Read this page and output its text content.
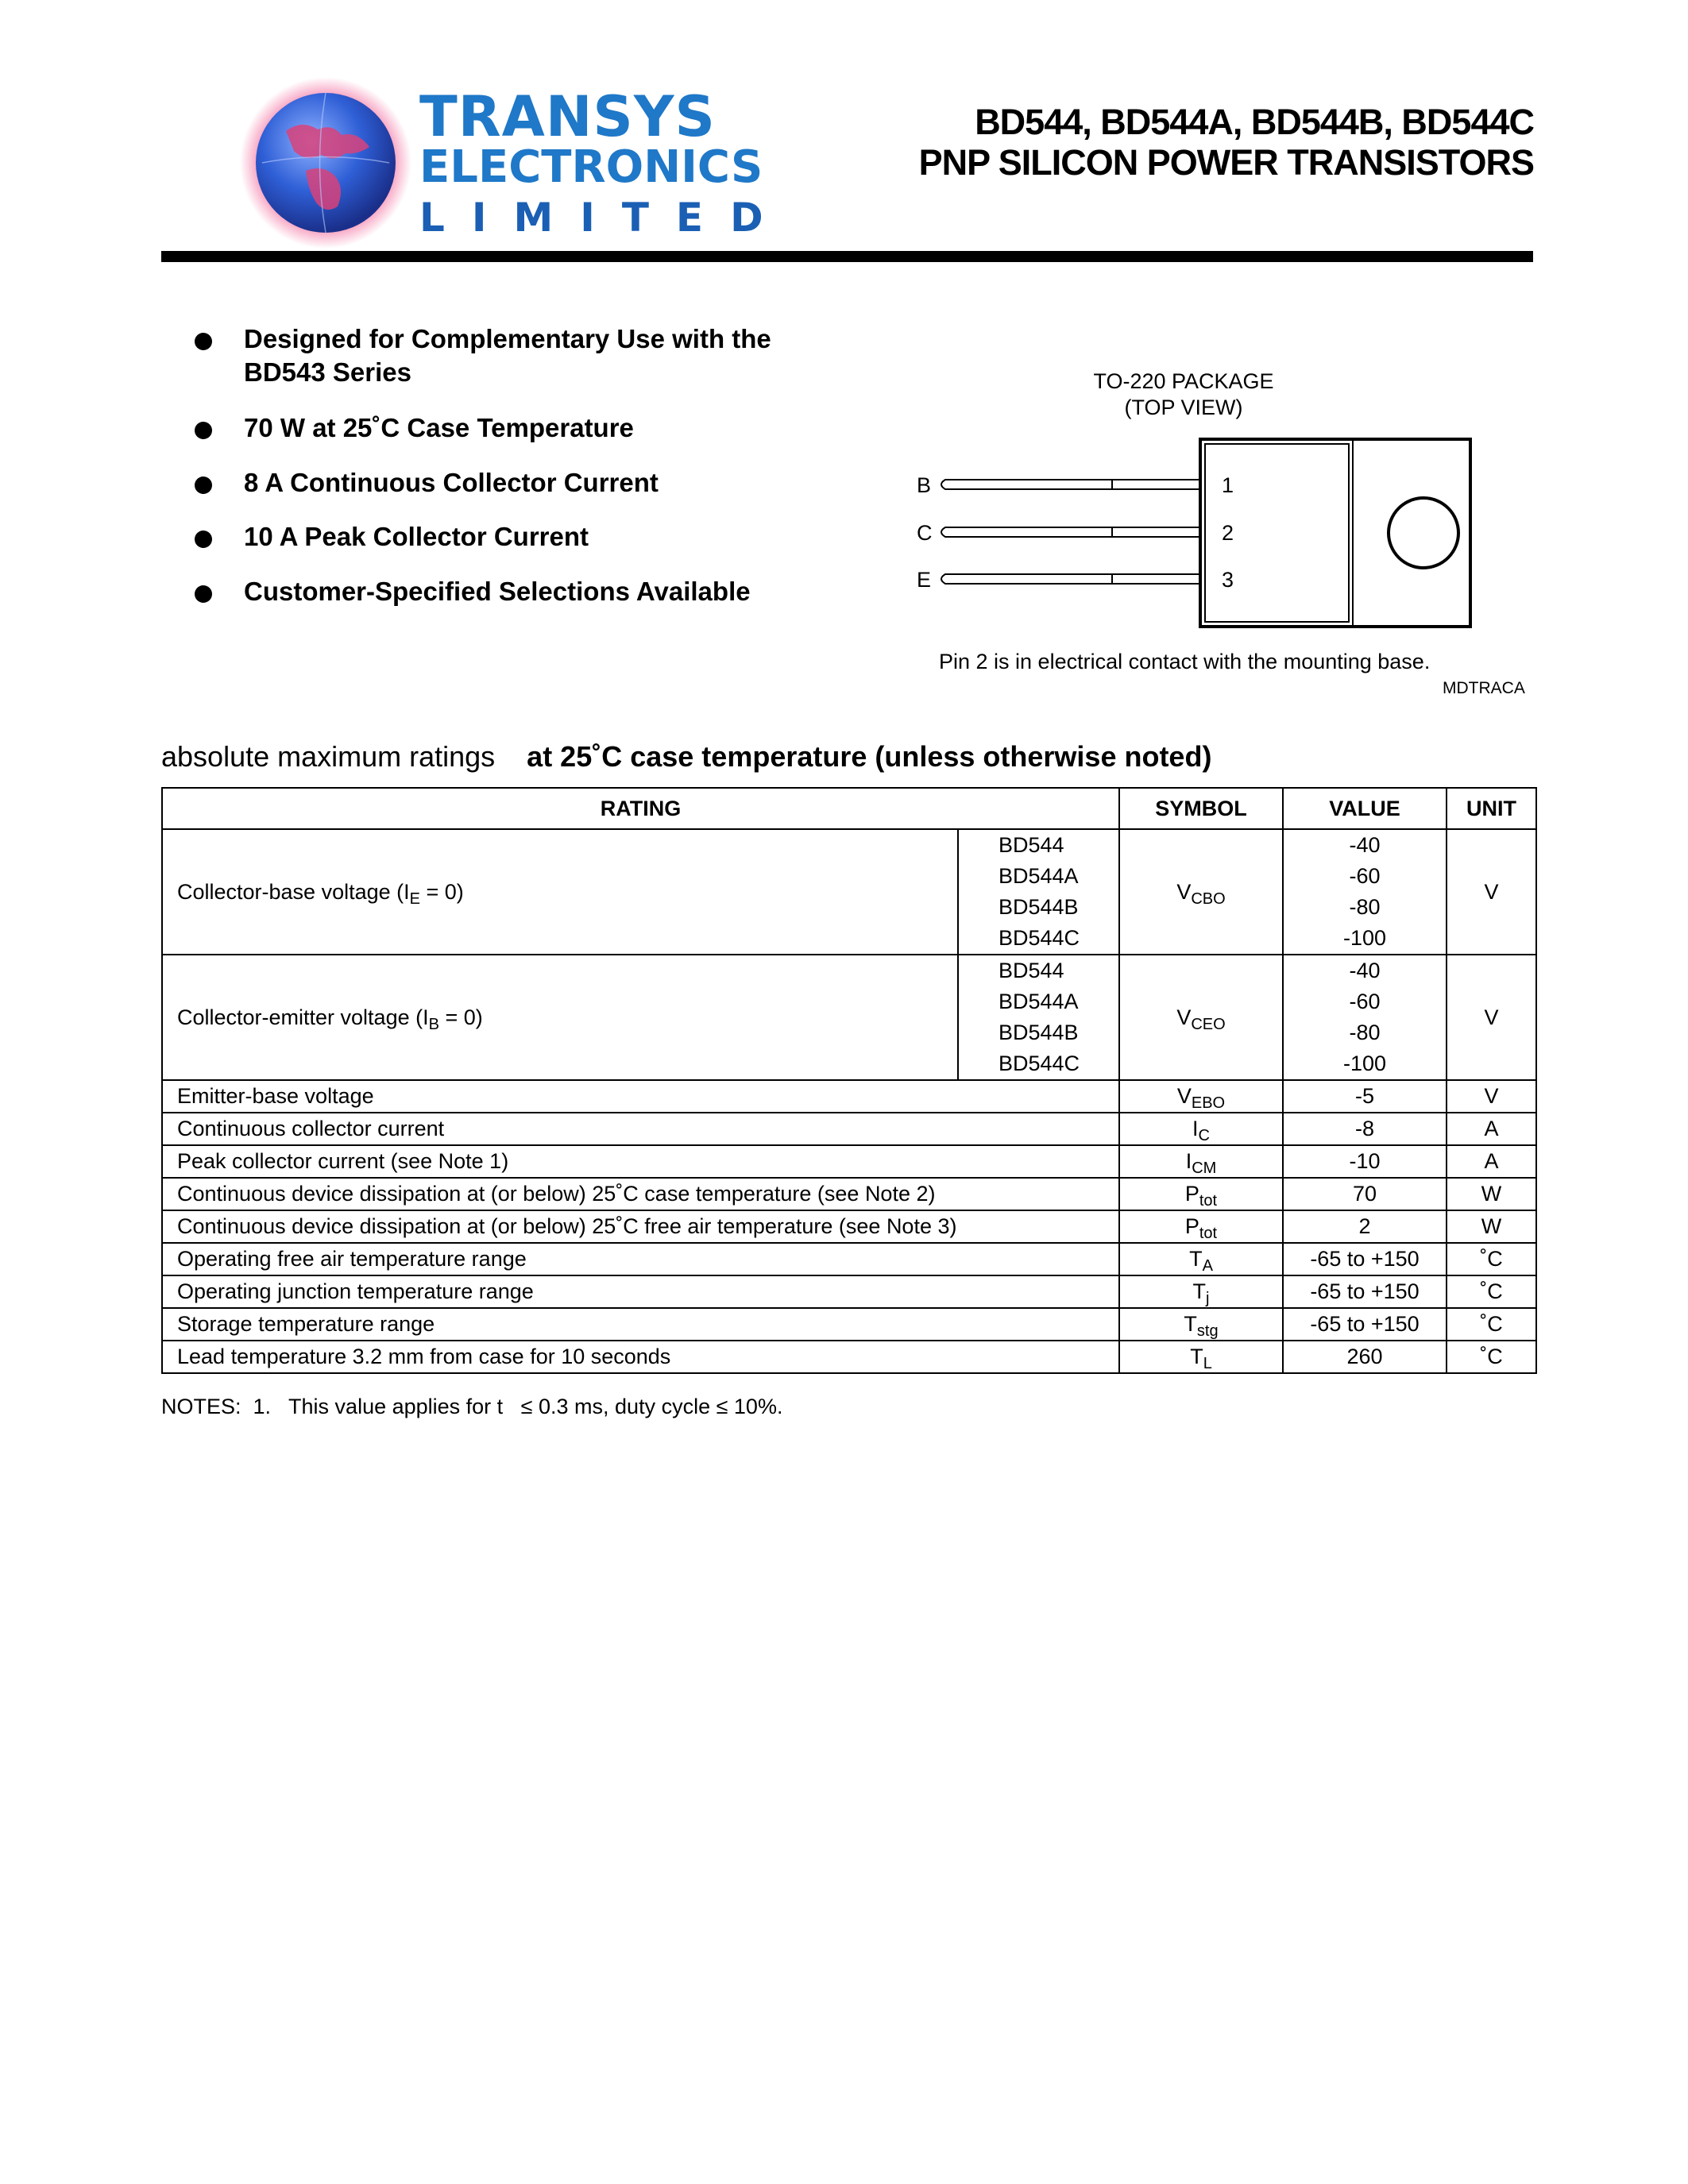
TRANSYS
ELECTRONICS
LIMITED
BD544, BD544A, BD544B, BD544C
PNP SILICON POWER TRANSISTORS
Designed for Complementary Use with the
BD543 Series
70 W at 25˚C Case Temperature
8 A Continuous Collector Current
10 A Peak Collector Current
Customer-Specified Selections Available
TO-220 PACKAGE
(TOP VIEW)
B
C
E
1
2
3
Pin 2 is in electrical contact with the mounting base.
MDTRACA
absolute maximum ratings at 25˚C case temperature (unless otherwise noted)
RATING		SYMBOL	VALUE	UNIT
Collector-base voltage $(I_E = 0)$	BD544	$V_{CBO}$	-40	V
	BD544A		-60	
	BD544B		-80	
	BD544C		-100	
Collector-emitter voltage $(I_B = 0)$	BD544	$V_{CEO}$	-40	V
	BD544A		-60	
	BD544B		-80	
	BD544C		-100	
Emitter-base voltage		$V_{EBO}$	-5	V
Continuous collector current		$I_C$	-8	A
Peak collector current (see Note 1)		$I_{CM}$	-10	A
Continuous device dissipation at (or below) 25˚C case temperature (see Note 2)		$P_{tot}$	70	W
Continuous device dissipation at (or below) 25˚C free air temperature (see Note 3)		$P_{tot}$	2	W
Operating free air temperature range		$T_A$	-65 to +150	˚C
Operating junction temperature range		$T_j$	-65 to +150	˚C
Storage temperature range		$T_{stg}$	-65 to +150	˚C
Lead temperature 3.2 mm from case for 10 seconds		$T_L$	260	˚C
NOTES:  1.   This value applies for t   ≤ 0.3 ms, duty cycle ≤ 10%.
